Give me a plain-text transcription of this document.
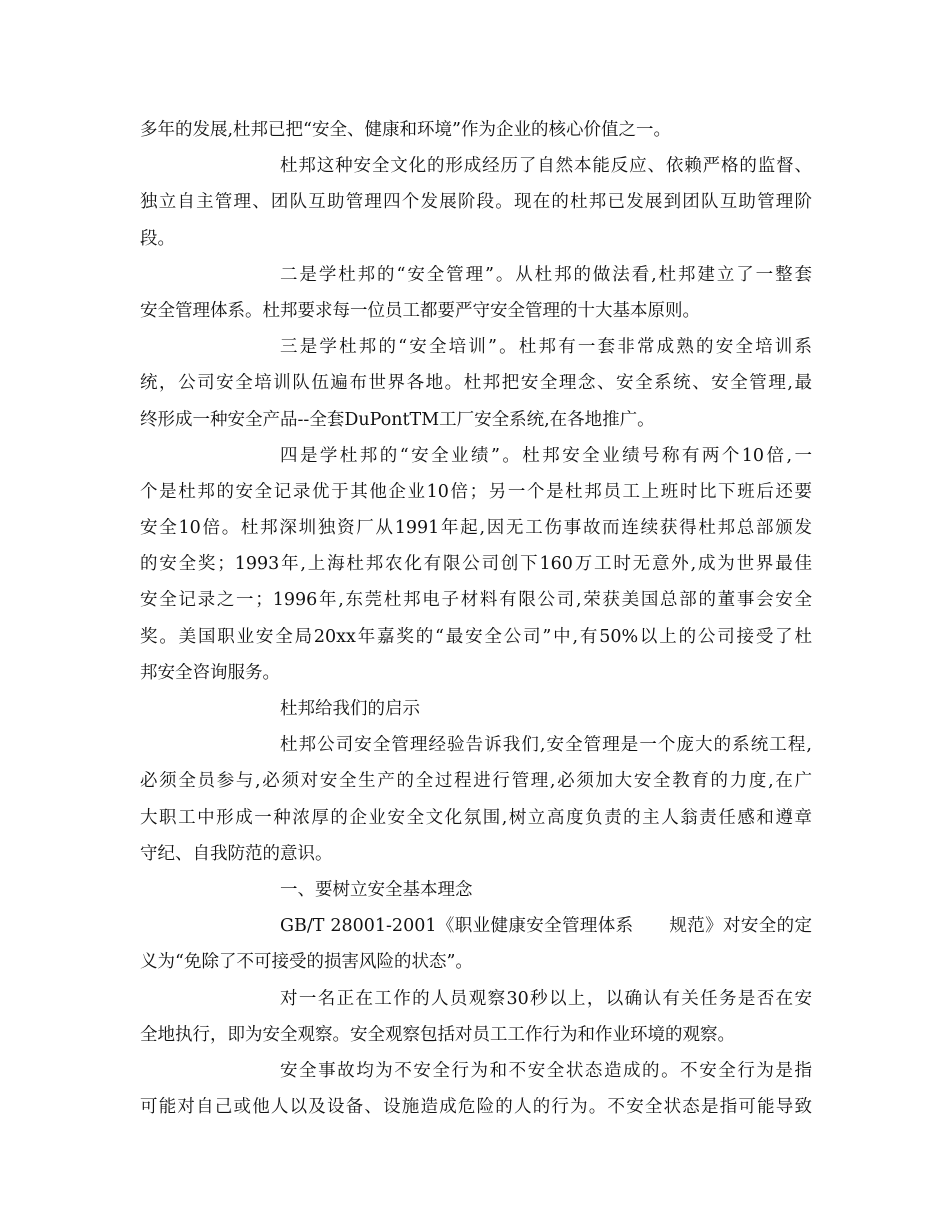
多年的发展,杜邦已把“安全、健康和环境”作为企业的核心价值之一。
杜邦这种安全文化的形成经历了自然本能反应、依赖严格的监督、
独立自主管理、团队互助管理四个发展阶段。现在的杜邦已发展到团队互助管理阶
段。
二是学杜邦的“安全管理”。从杜邦的做法看,杜邦建立了一整套
安全管理体系。杜邦要求每一位员工都要严守安全管理的十大基本原则。
三是学杜邦的“安全培训”。杜邦有一套非常成熟的安全培训系
统，公司安全培训队伍遍布世界各地。杜邦把安全理念、安全系统、安全管理,最
终形成一种安全产品--全套DuPontTM工厂安全系统,在各地推广。
四是学杜邦的“安全业绩”。杜邦安全业绩号称有两个10倍,一
个是杜邦的安全记录优于其他企业10倍；另一个是杜邦员工上班时比下班后还要
安全10倍。杜邦深圳独资厂从1991年起,因无工伤事故而连续获得杜邦总部颁发
的安全奖；1993年,上海杜邦农化有限公司创下160万工时无意外,成为世界最佳
安全记录之一；1996年,东莞杜邦电子材料有限公司,荣获美国总部的董事会安全
奖。美国职业安全局20xx年嘉奖的“最安全公司”中,有50%以上的公司接受了杜
邦安全咨询服务。
杜邦给我们的启示
杜邦公司安全管理经验告诉我们,安全管理是一个庞大的系统工程,
必须全员参与,必须对安全生产的全过程进行管理,必须加大安全教育的力度,在广
大职工中形成一种浓厚的企业安全文化氛围,树立高度负责的主人翁责任感和遵章
守纪、自我防范的意识。
一、要树立安全基本理念
GB/T 28001-2001《职业健康安全管理体系　　规范》对安全的定
义为“免除了不可接受的损害风险的状态”。
对一名正在工作的人员观察30秒以上，以确认有关任务是否在安
全地执行，即为安全观察。安全观察包括对员工工作行为和作业环境的观察。
安全事故均为不安全行为和不安全状态造成的。不安全行为是指
可能对自己或他人以及设备、设施造成危险的人的行为。不安全状态是指可能导致
